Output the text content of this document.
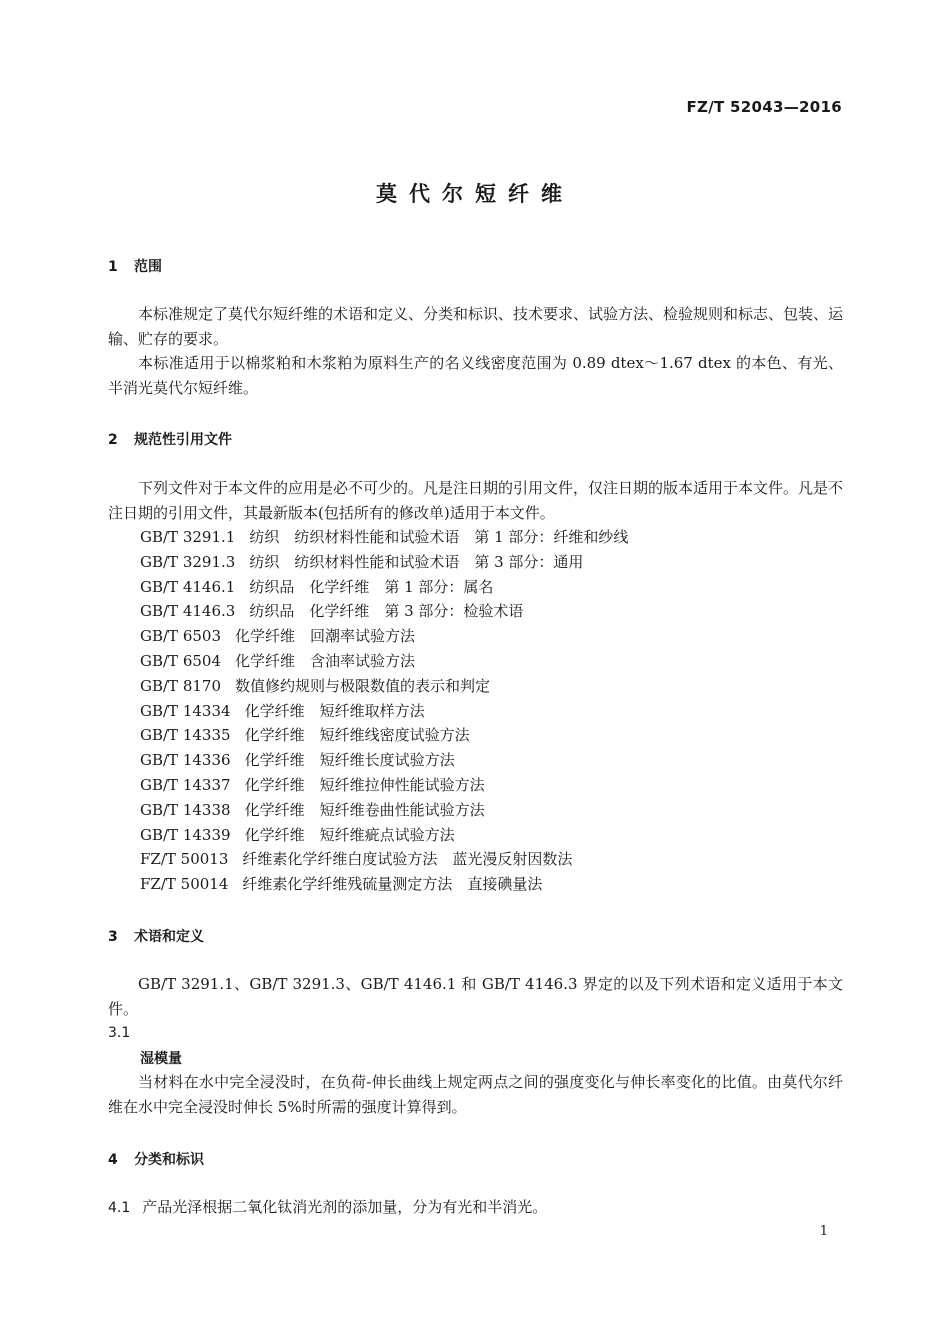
FZ/T 52043—2016
莫代尔短纤维
1 范围

本标准规定了莫代尔短纤维的术语和定义、分类和标识、技术要求、试验方法、检验规则和标志、包装、运输、贮存的要求。

本标准适用于以棉浆粕和木浆粕为原料生产的名义线密度范围为 0.89 dtex～1.67 dtex 的本色、有光、半消光莫代尔短纤维。

2 规范性引用文件

下列文件对于本文件的应用是必不可少的。凡是注日期的引用文件，仅注日期的版本适用于本文件。凡是不注日期的引用文件，其最新版本(包括所有的修改单)适用于本文件。

GB/T 3291.1 纺织　纺织材料性能和试验术语　第 1 部分：纤维和纱线
GB/T 3291.3 纺织　纺织材料性能和试验术语　第 3 部分：通用
GB/T 4146.1 纺织品　化学纤维　第 1 部分：属名
GB/T 4146.3 纺织品　化学纤维　第 3 部分：检验术语
GB/T 6503 化学纤维　回潮率试验方法
GB/T 6504 化学纤维　含油率试验方法
GB/T 8170 数值修约规则与极限数值的表示和判定
GB/T 14334 化学纤维　短纤维取样方法
GB/T 14335 化学纤维　短纤维线密度试验方法
GB/T 14336 化学纤维　短纤维长度试验方法
GB/T 14337 化学纤维　短纤维拉伸性能试验方法
GB/T 14338 化学纤维　短纤维卷曲性能试验方法
GB/T 14339 化学纤维　短纤维疵点试验方法
FZ/T 50013 纤维素化学纤维白度试验方法　蓝光漫反射因数法
FZ/T 50014 纤维素化学纤维残硫量测定方法　直接碘量法
3 术语和定义

GB/T 3291.1、GB/T 3291.3、GB/T 4146.1 和 GB/T 4146.3 界定的以及下列术语和定义适用于本文件。

3.1
湿模量

当材料在水中完全浸没时，在负荷-伸长曲线上规定两点之间的强度变化与伸长率变化的比值。由莫代尔纤维在水中完全浸没时伸长 5%时所需的强度计算得到。

4 分类和标识
4.1 产品光泽根据二氧化钛消光剂的添加量，分为有光和半消光。
1
